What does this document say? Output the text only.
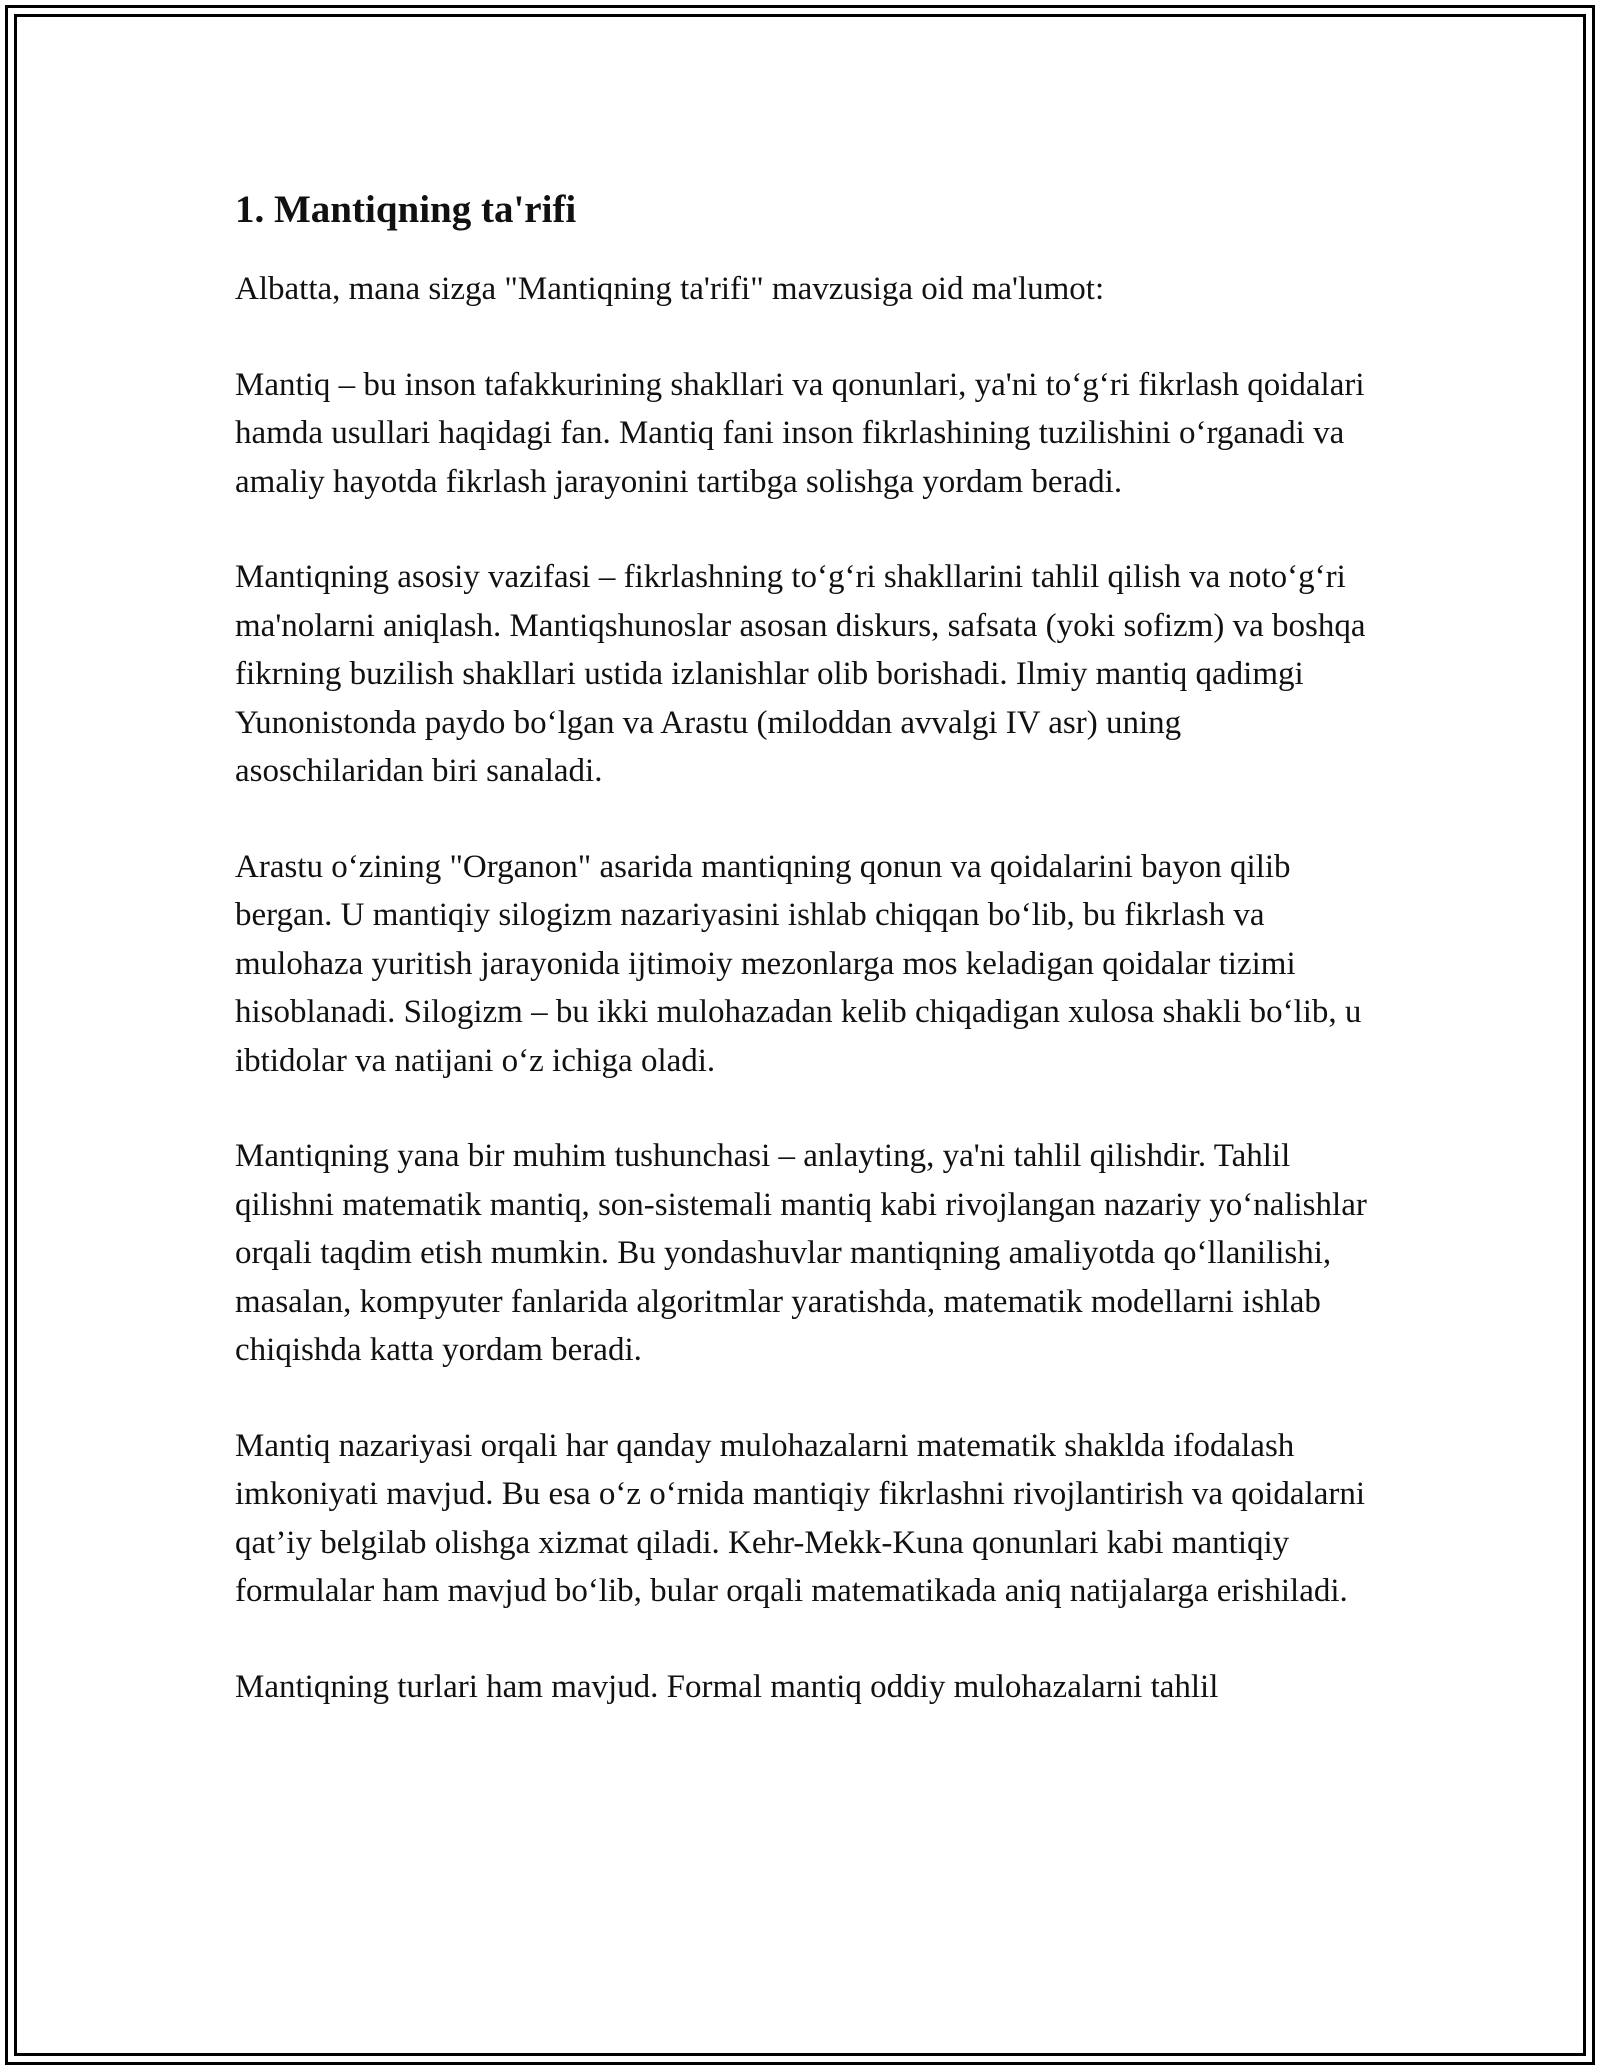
1. Mantiqning ta'rifi

Albatta, mana sizga "Mantiqning ta'rifi" mavzusiga oid ma'lumot:

Mantiq – bu inson tafakkurining shakllari va qonunlari, ya'ni to‘g‘ri fikrlash qoidalari hamda usullari haqidagi fan. Mantiq fani inson fikrlashining tuzilishini o‘rganadi va amaliy hayotda fikrlash jarayonini tartibga solishga yordam beradi.

Mantiqning asosiy vazifasi – fikrlashning to‘g‘ri shakllarini tahlil qilish va noto‘g‘ri ma'nolarni aniqlash. Mantiqshunoslar asosan diskurs, safsata (yoki sofizm) va boshqa fikrning buzilish shakllari ustida izlanishlar olib borishadi. Ilmiy mantiq qadimgi Yunonistonda paydo bo‘lgan va Arastu (miloddan avvalgi IV asr) uning asoschilaridan biri sanaladi.

Arastu o‘zining "Organon" asarida mantiqning qonun va qoidalarini bayon qilib bergan. U mantiqiy silogizm nazariyasini ishlab chiqqan bo‘lib, bu fikrlash va mulohaza yuritish jarayonida ijtimoiy mezonlarga mos keladigan qoidalar tizimi hisoblanadi. Silogizm – bu ikki mulohazadan kelib chiqadigan xulosa shakli bo‘lib, u ibtidolar va natijani o‘z ichiga oladi.

Mantiqning yana bir muhim tushunchasi – anlayting, ya'ni tahlil qilishdir. Tahlil qilishni matematik mantiq, son-sistemali mantiq kabi rivojlangan nazariy yo‘nalishlar orqali taqdim etish mumkin. Bu yondashuvlar mantiqning amaliyotda qo‘llanilishi, masalan, kompyuter fanlarida algoritmlar yaratishda, matematik modellarni ishlab chiqishda katta yordam beradi.

Mantiq nazariyasi orqali har qanday mulohazalarni matematik shaklda ifodalash imkoniyati mavjud. Bu esa o‘z o‘rnida mantiqiy fikrlashni rivojlantirish va qoidalarni qat’iy belgilab olishga xizmat qiladi. Kehr-Mekk-Kuna qonunlari kabi mantiqiy formulalar ham mavjud bo‘lib, bular orqali matematikada aniq natijalarga erishiladi.

Mantiqning turlari ham mavjud. Formal mantiq oddiy mulohazalarni tahlil
